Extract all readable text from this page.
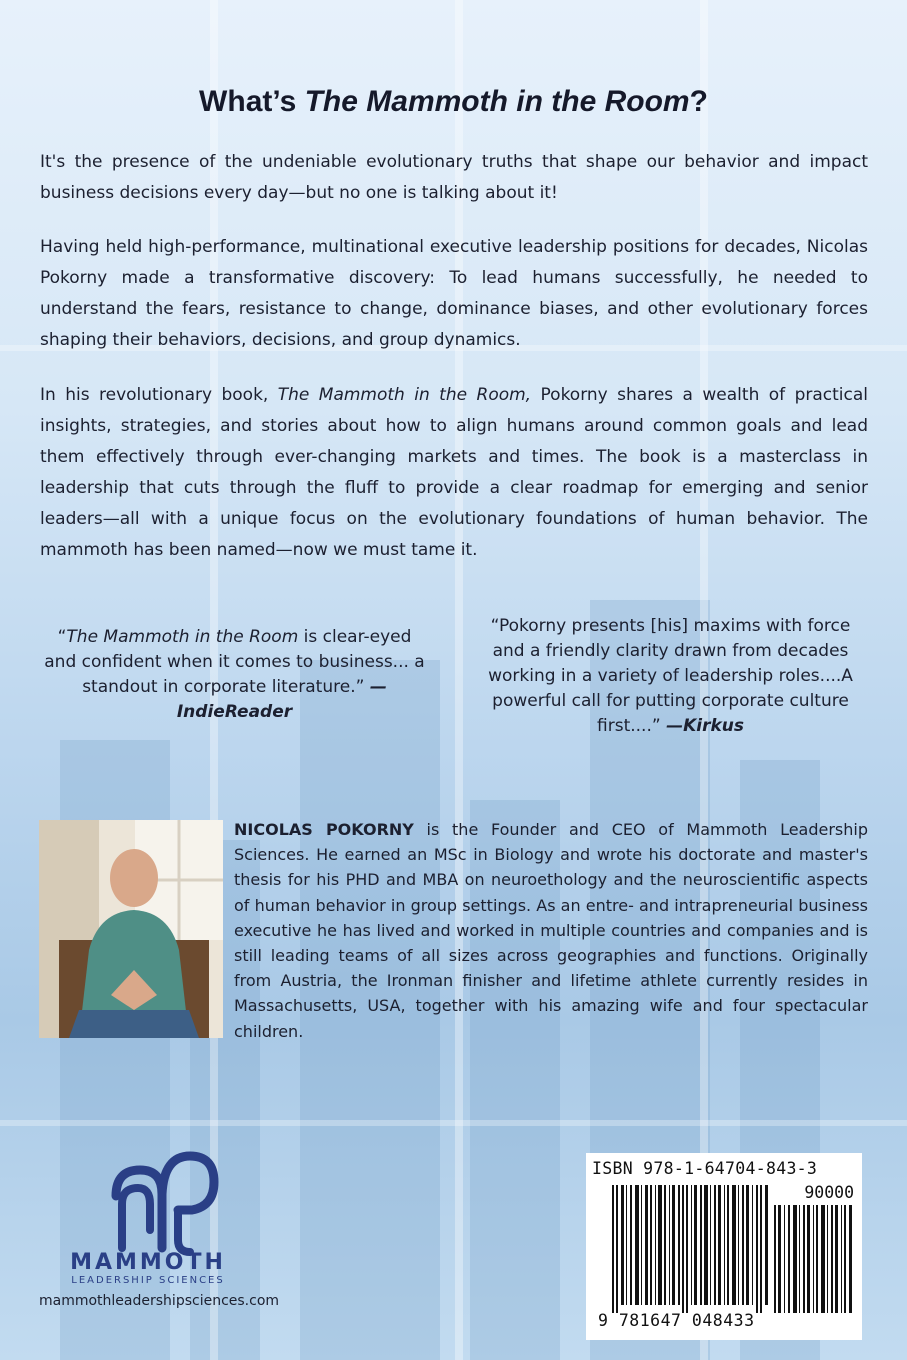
What’s The Mammoth in the Room?

It's the presence of the undeniable evolutionary truths that shape our behavior and impact business decisions every day—but no one is talking about it!

Having held high-performance, multinational executive leadership positions for decades, Nicolas Pokorny made a transformative discovery: To lead humans successfully, he needed to understand the fears, resistance to change, dominance biases, and other evolutionary forces shaping their behaviors, decisions, and group dynamics.

In his revolutionary book, The Mammoth in the Room, Pokorny shares a wealth of practical insights, strategies, and stories about how to align humans around common goals and lead them effectively through ever-changing markets and times. The book is a masterclass in leadership that cuts through the fluff to provide a clear roadmap for emerging and senior leaders—all with a unique focus on the evolutionary foundations of human behavior. The mammoth has been named—now we must tame it.

“The Mammoth in the Room is clear-eyed and confident when it comes to business... a standout in corporate literature.” —IndieReader

“Pokorny presents [his] maxims with force and a friendly clarity drawn from decades working in a variety of leadership roles....A powerful call for putting corporate culture first....” —Kirkus

NICOLAS POKORNY is the Founder and CEO of Mammoth Leadership Sciences. He earned an MSc in Biology and wrote his doctorate and master's thesis for his PHD and MBA on neuroethology and the neuroscientific aspects of human behavior in group settings. As an entre- and intrapreneurial business executive he has lived and worked in multiple countries and companies and is still leading teams of all sizes across geographies and functions. Originally from Austria, the Ironman finisher and lifetime athlete currently resides in Massachusetts, USA, together with his amazing wife and four spectacular children.

MAMMOTH
LEADERSHIP SCIENCES
mammothleadershipsciences.com
ISBN 978-1-64704-843-3
90000
9 781647 048433
